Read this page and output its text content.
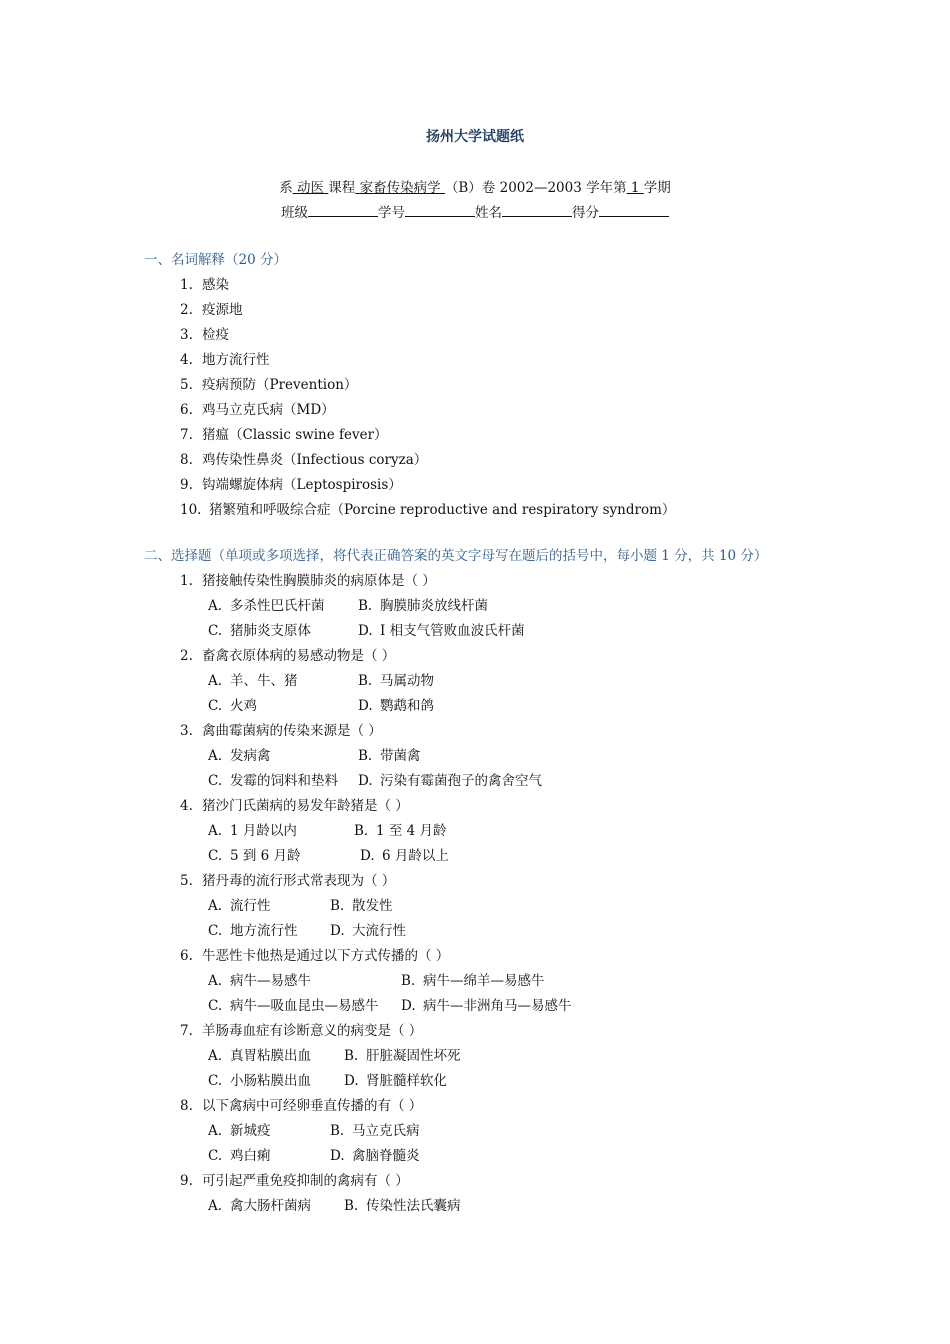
扬州大学试题纸
系 动医 课程 家畜传染病学 （B）卷 2002—2003 学年第 1 学期
班级	学号	姓名	得分
一、名词解释（20 分）
1. 感染
2. 疫源地
3. 检疫
4. 地方流行性
5. 疫病预防（Prevention）
6. 鸡马立克氏病（MD）
7. 猪瘟（Classic swine fever）
8. 鸡传染性鼻炎（Infectious coryza）
9. 钩端螺旋体病（Leptospirosis）
10. 猪繁殖和呼吸综合症（Porcine reproductive and respiratory syndrom）
二、选择题（单项或多项选择，将代表正确答案的英文字母写在题后的括号中，每小题 1 分，共 10 分）
1. 猪接触传染性胸膜肺炎的病原体是（ ）
A. 多杀性巴氏杆菌 B. 胸膜肺炎放线杆菌
C. 猪肺炎支原体	D. I 相支气管败血波氏杆菌
2. 畜禽衣原体病的易感动物是（ ）
A. 羊、牛、猪	B. 马属动物
C. 火鸡	D. 鹦鹉和鸽
3. 禽曲霉菌病的传染来源是（ ）
A. 发病禽	B. 带菌禽
C. 发霉的饲料和垫料 D. 污染有霉菌孢子的禽舍空气
4. 猪沙门氏菌病的易发年龄猪是（ ）
A. 1 月龄以内	B. 1 至 4 月龄
C. 5 到 6 月龄	D. 6 月龄以上
5. 猪丹毒的流行形式常表现为（ ）
A. 流行性	B. 散发性
C. 地方流行性 D. 大流行性
6. 牛恶性卡他热是通过以下方式传播的（ ）
A. 病牛—易感牛	B. 病牛—绵羊—易感牛
C. 病牛—吸血昆虫—易感牛 D. 病牛—非洲角马—易感牛
7. 羊肠毒血症有诊断意义的病变是（ ）
A. 真胃粘膜出血 B. 肝脏凝固性坏死
C. 小肠粘膜出血 D. 肾脏髓样软化
8. 以下禽病中可经卵垂直传播的有（ ）
A. 新城疫	B. 马立克氏病
C. 鸡白痢	D. 禽脑脊髓炎
9. 可引起严重免疫抑制的禽病有（ ）
A. 禽大肠杆菌病 B. 传染性法氏囊病
